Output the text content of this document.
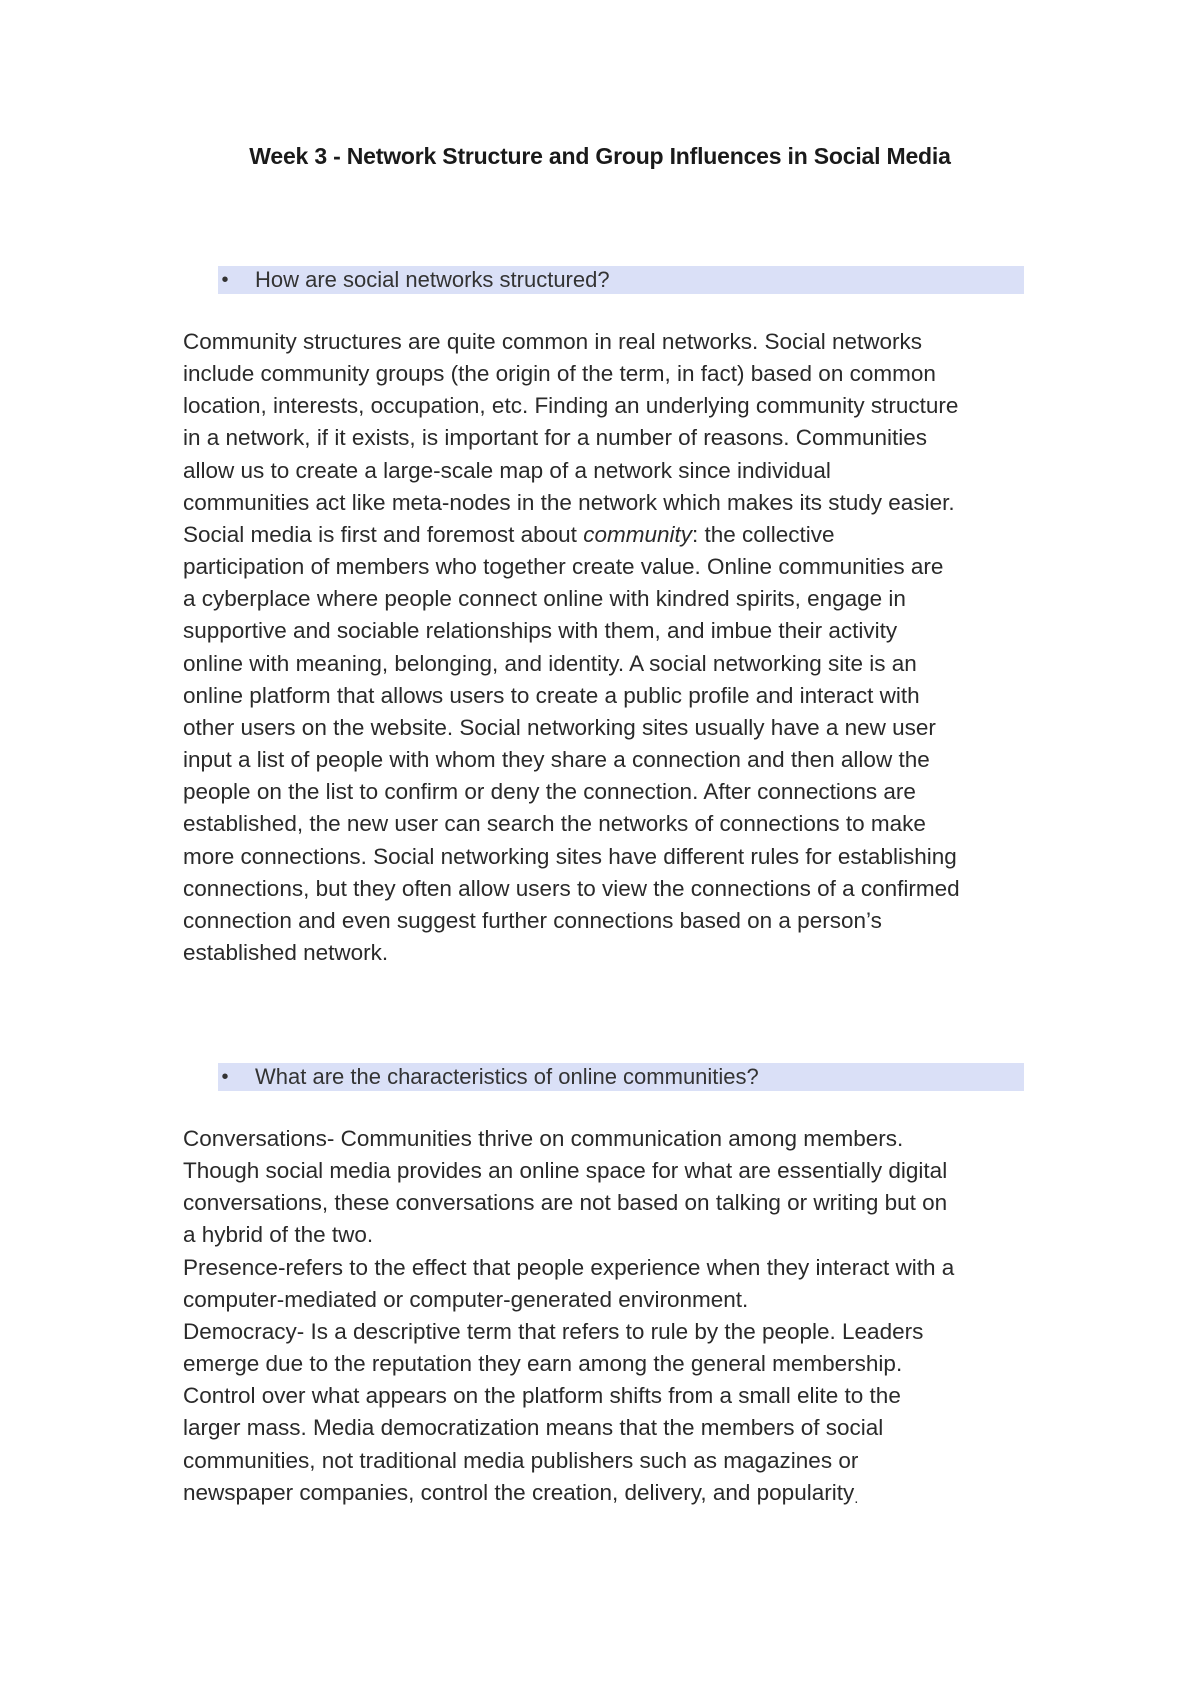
Week 3 - Network Structure and Group Influences in Social Media
• How are social networks structured?
Community structures are quite common in real networks. Social networks
include community groups (the origin of the term, in fact) based on common
location, interests, occupation, etc. Finding an underlying community structure
in a network, if it exists, is important for a number of reasons. Communities
allow us to create a large-scale map of a network since individual
communities act like meta-nodes in the network which makes its study easier.
Social media is first and foremost about community: the collective
participation of members who together create value. Online communities are
a cyberplace where people connect online with kindred spirits, engage in
supportive and sociable relationships with them, and imbue their activity
online with meaning, belonging, and identity. A social networking site is an
online platform that allows users to create a public profile and interact with
other users on the website. Social networking sites usually have a new user
input a list of people with whom they share a connection and then allow the
people on the list to confirm or deny the connection. After connections are
established, the new user can search the networks of connections to make
more connections. Social networking sites have different rules for establishing
connections, but they often allow users to view the connections of a confirmed
connection and even suggest further connections based on a person’s
established network.
• What are the characteristics of online communities?
Conversations- Communities thrive on communication among members.
Though social media provides an online space for what are essentially digital
conversations, these conversations are not based on talking or writing but on
a hybrid of the two.
Presence-refers to the effect that people experience when they interact with a
computer-mediated or computer-generated environment.
Democracy- Is a descriptive term that refers to rule by the people. Leaders
emerge due to the reputation they earn among the general membership.
Control over what appears on the platform shifts from a small elite to the
larger mass. Media democratization means that the members of social
communities, not traditional media publishers such as magazines or
newspaper companies, control the creation, delivery, and popularity.
